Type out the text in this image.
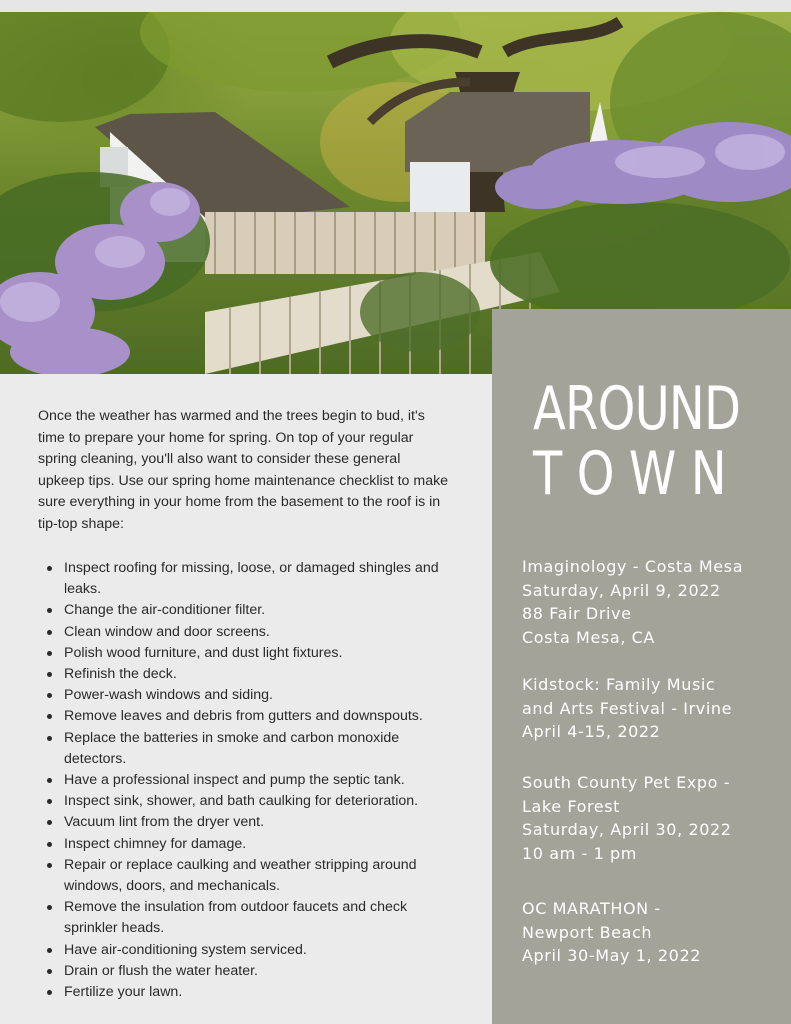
AROUND
TOWN
Imaginology - Costa Mesa
Saturday, April 9, 2022
88 Fair Drive
Costa Mesa, CA
Kidstock: Family Music
and Arts Festival - Irvine
April 4-15, 2022
South County Pet Expo -
Lake Forest
Saturday, April 30, 2022
10 am - 1 pm
OC MARATHON -
Newport Beach
April 30-May 1, 2022
Once the weather has warmed and the trees begin to bud, it's
time to prepare your home for spring. On top of your regular
spring cleaning, you'll also want to consider these general
upkeep tips. Use our spring home maintenance checklist to make
sure everything in your home from the basement to the roof is in
tip-top shape:
Inspect roofing for missing, loose, or damaged shingles and
leaks.
Change the air-conditioner filter.
Clean window and door screens.
Polish wood furniture, and dust light fixtures.
Refinish the deck.
Power-wash windows and siding.
Remove leaves and debris from gutters and downspouts.
Replace the batteries in smoke and carbon monoxide
detectors.
Have a professional inspect and pump the septic tank.
Inspect sink, shower, and bath caulking for deterioration.
Vacuum lint from the dryer vent.
Inspect chimney for damage.
Repair or replace caulking and weather stripping around
windows, doors, and mechanicals.
Remove the insulation from outdoor faucets and check
sprinkler heads.
Have air-conditioning system serviced.
Drain or flush the water heater.
Fertilize your lawn.
